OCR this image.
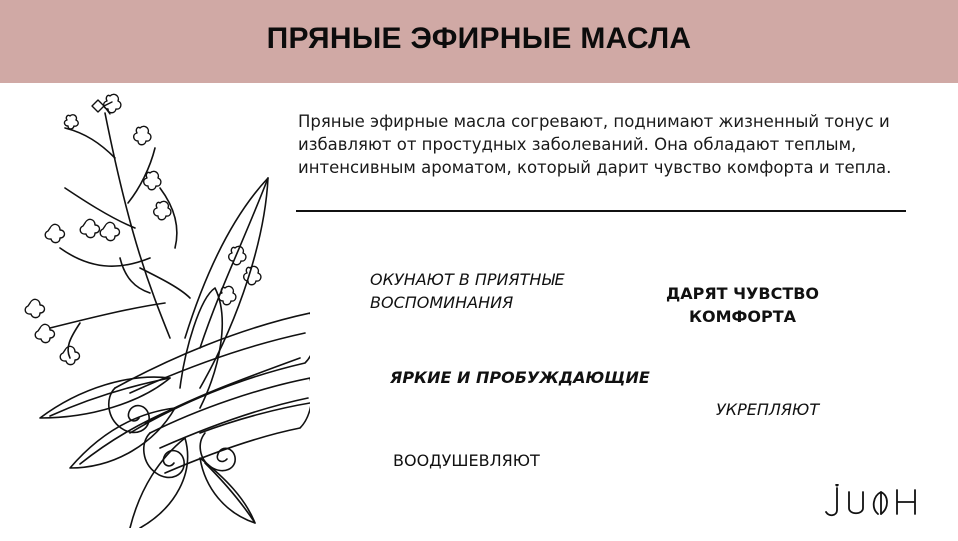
ПРЯНЫЕ ЭФИРНЫЕ МАСЛА
Пряные эфирные масла согревают, поднимают жизненный тонус и избавляют от простудных заболеваний. Она обладают теплым, интенсивным ароматом, который дарит чувство комфорта и тепла.
ОКУНАЮТ В ПРИЯТНЫЕ
ВОСПОМИНАНИЯ	ДАРЯТ ЧУВСТВО КОМФОРТА
ЯРКИЕ И ПРОБУЖДАЮЩИЕ
УКРЕПЛЯЮТ
ВООДУШЕВЛЯЮТ
